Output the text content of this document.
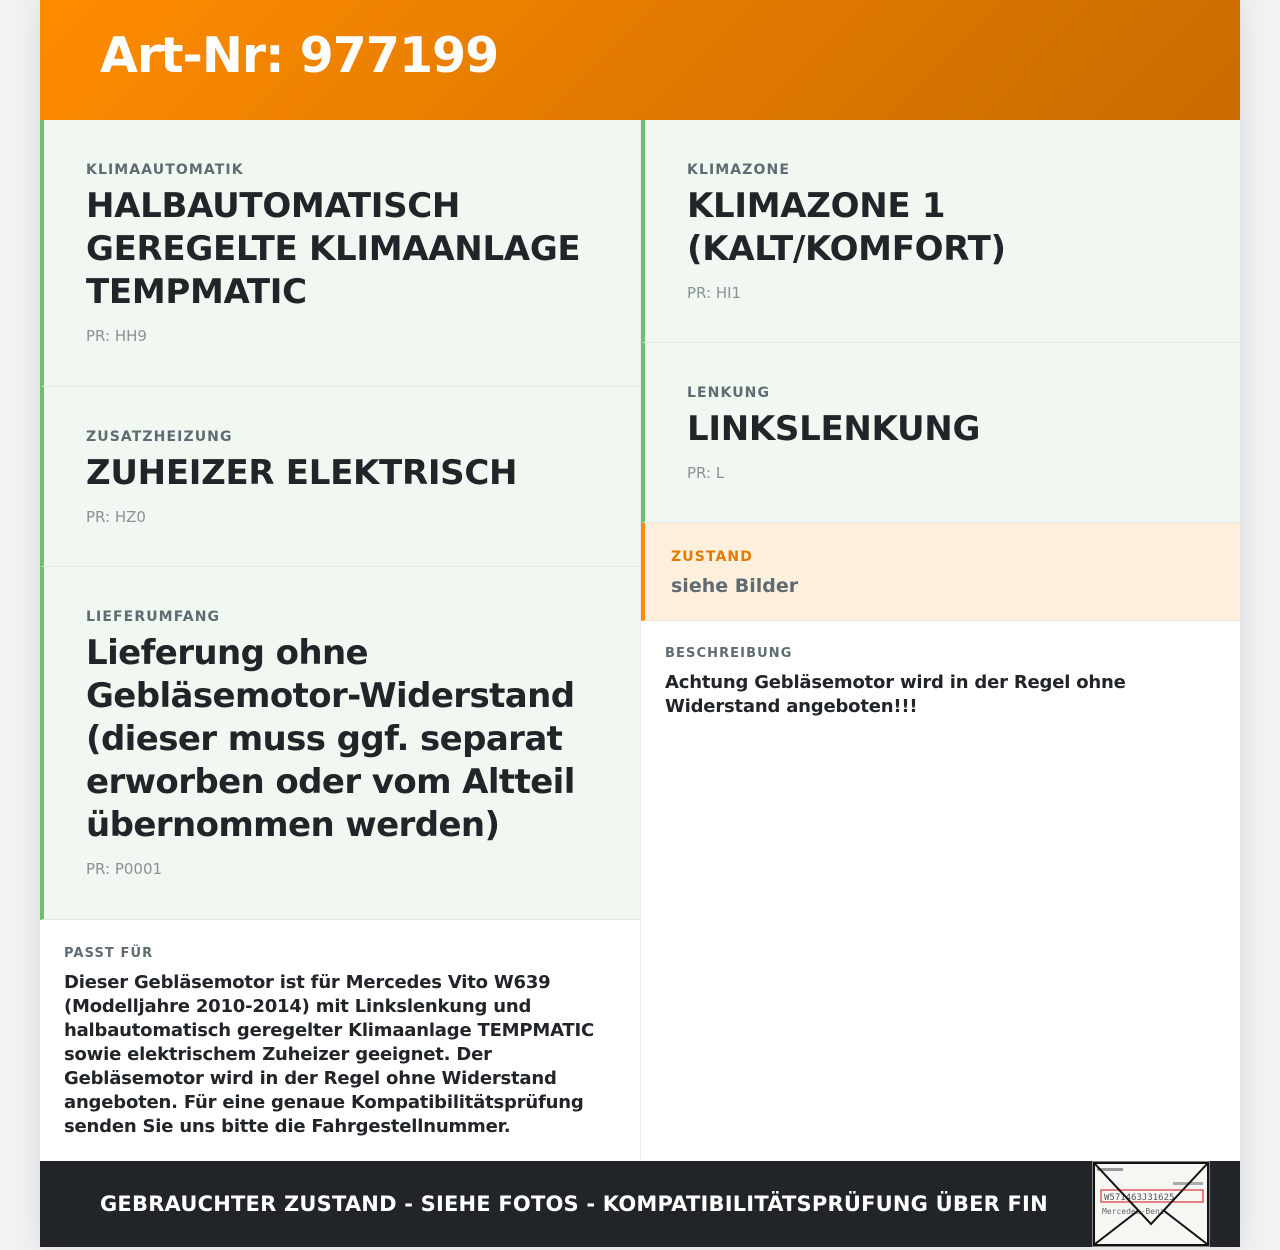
Art-Nr: 977199
KLIMAAUTOMATIK
HALBAUTOMATISCH GEREGELTE KLIMAANLAGE TEMPMATIC
PR: HH9
ZUSATZHEIZUNG
ZUHEIZER ELEKTRISCH
PR: HZ0
LIEFERUMFANG
Lieferung ohne Gebläsemotor-Widerstand (dieser muss ggf. separat erworben oder vom Altteil übernommen werden)
PR: P0001
PASST FÜR
Dieser Gebläsemotor ist für Mercedes Vito W639 (Modelljahre 2010-2014) mit Linkslenkung und halbautomatisch geregelter Klimaanlage TEMPMATIC sowie elektrischem Zuheizer geeignet. Der Gebläsemotor wird in der Regel ohne Widerstand angeboten. Für eine genaue Kompatibilitätsprüfung senden Sie uns bitte die Fahrgestellnummer.
KLIMAZONE
KLIMAZONE 1 (KALT/KOMFORT)
PR: HI1
LENKUNG
LINKSLENKUNG
PR: L
ZUSTAND
siehe Bilder
BESCHREIBUNG
Achtung Gebläsemotor wird in der Regel ohne Widerstand angeboten!!!
GEBRAUCHTER ZUSTAND - SIEHE FOTOS - KOMPATIBILITÄTSPRÜFUNG ÜBER FIN	W571463J31625
Mercedes-Benz
